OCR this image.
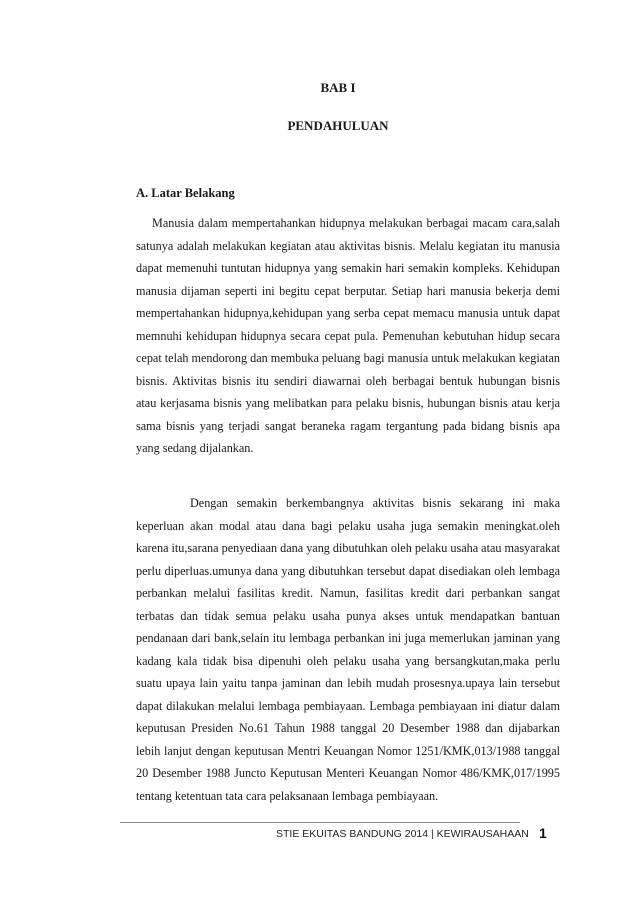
BAB I
PENDAHULUAN
A. Latar Belakang

Manusia dalam mempertahankan hidupnya melakukan berbagai macam cara,salah satunya adalah melakukan kegiatan atau aktivitas bisnis. Melalu kegiatan itu manusia dapat memenuhi tuntutan hidupnya yang semakin hari semakin kompleks. Kehidupan manusia dijaman seperti ini begitu cepat berputar. Setiap hari manusia bekerja demi mempertahankan hidupnya,kehidupan yang serba cepat memacu manusia untuk dapat memnuhi kehidupan hidupnya secara cepat pula. Pemenuhan kebutuhan hidup secara cepat telah mendorong dan membuka peluang bagi manusia untuk melakukan kegiatan bisnis. Aktivitas bisnis itu sendiri diawarnai oleh berbagai bentuk hubungan bisnis atau kerjasama bisnis yang melibatkan para pelaku bisnis, hubungan bisnis atau kerja sama bisnis yang terjadi sangat beraneka ragam tergantung pada bidang bisnis apa yang sedang dijalankan.

Dengan semakin berkembangnya aktivitas bisnis sekarang ini maka keperluan akan modal atau dana bagi pelaku usaha juga semakin meningkat.oleh karena itu,sarana penyediaan dana yang dibutuhkan oleh pelaku usaha atau masyarakat perlu diperluas.umunya dana yang dibutuhkan tersebut dapat disediakan oleh lembaga perbankan melalui fasilitas kredit. Namun, fasilitas kredit dari perbankan sangat terbatas dan tidak semua pelaku usaha punya akses untuk mendapatkan bantuan pendanaan dari bank,selain itu lembaga perbankan ini juga memerlukan jaminan yang kadang kala tidak bisa dipenuhi oleh pelaku usaha yang bersangkutan,maka perlu suatu upaya lain yaitu tanpa jaminan dan lebih mudah prosesnya.upaya lain tersebut dapat dilakukan melalui lembaga pembiayaan. Lembaga pembiayaan ini diatur dalam keputusan Presiden No.61 Tahun 1988 tanggal 20 Desember 1988 dan dijabarkan lebih lanjut dengan keputusan Mentri Keuangan Nomor 1251/KMK,013/1988 tanggal 20 Desember 1988 Juncto Keputusan Menteri Keuangan Nomor 486/KMK,017/1995 tentang ketentuan tata cara pelaksanaan lembaga pembiayaan.

STIE EKUITAS BANDUNG 2014 | KEWIRAUSAHAAN 1
